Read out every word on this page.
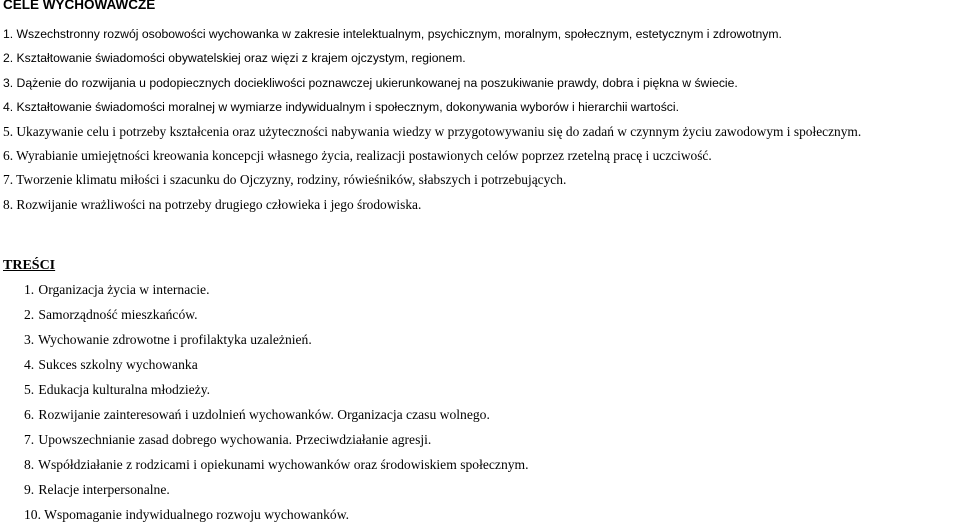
CELE WYCHOWAWCZE
1. Wszechstronny rozwój osobowości wychowanka w zakresie intelektualnym, psychicznym, moralnym, społecznym, estetycznym i zdrowotnym.
2. Kształtowanie świadomości obywatelskiej oraz więzi z krajem ojczystym, regionem.
3. Dążenie do rozwijania u podopiecznych dociekliwości poznawczej ukierunkowanej na poszukiwanie prawdy, dobra i piękna w świecie.
4. Kształtowanie świadomości moralnej w wymiarze indywidualnym i społecznym, dokonywania wyborów i hierarchii wartości.
5. Ukazywanie celu i potrzeby kształcenia oraz użyteczności nabywania wiedzy w przygotowywaniu się do zadań w czynnym życiu zawodowym i społecznym.
6. Wyrabianie umiejętności kreowania koncepcji własnego życia, realizacji postawionych celów poprzez rzetelną pracę i uczciwość.
7. Tworzenie klimatu miłości i szacunku do Ojczyzny, rodziny, rówieśników, słabszych i potrzebujących.
8. Rozwijanie wrażliwości na potrzeby drugiego człowieka i jego środowiska.
TREŚCI
1. Organizacja życia w internacie.
2. Samorządność mieszkańców.
3. Wychowanie zdrowotne i profilaktyka uzależnień.
4. Sukces szkolny wychowanka
5. Edukacja kulturalna młodzieży.
6. Rozwijanie zainteresowań i uzdolnień wychowanków. Organizacja czasu wolnego.
7. Upowszechnianie zasad dobrego wychowania. Przeciwdziałanie agresji.
8. Współdziałanie z rodzicami i opiekunami wychowanków oraz środowiskiem społecznym.
9. Relacje interpersonalne.
10. Wspomaganie indywidualnego rozwoju wychowanków.
